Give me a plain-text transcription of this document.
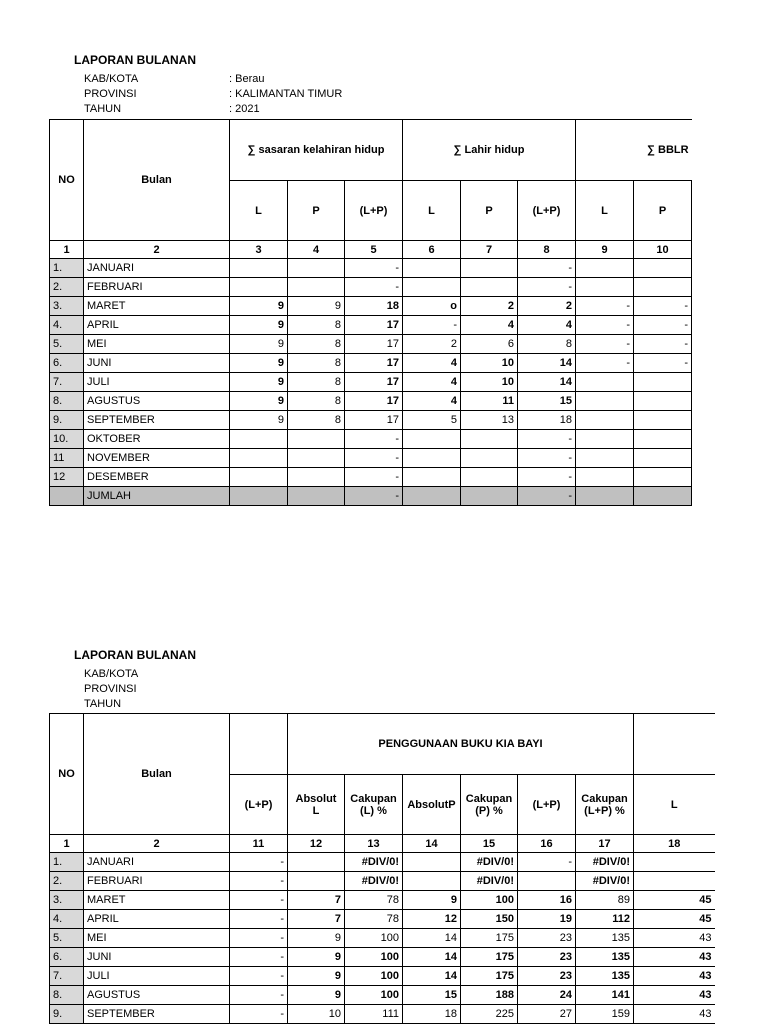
LAPORAN BULANAN
KAB/KOTA	: Berau
PROVINSI	: KALIMANTAN TIMUR
TAHUN	: 2021
NO	Bulan	∑ sasaran kelahiran hidup			∑ Lahir hidup			∑ BBLR	
		L	P	(L+P)	L	P	(L+P)	L	P
1	2	3	4	5	6	7	8	9	10
1.	JANUARI			-			-		
2.	FEBRUARI			-			-		
3.	MARET	9	9	18	o	2	2	-	-
4.	APRIL	9	8	17	-	4	4	-	-
5.	MEI	9	8	17	2	6	8	-	-
6.	JUNI	9	8	17	4	10	14	-	-
7.	JULI	9	8	17	4	10	14		
8.	AGUSTUS	9	8	17	4	11	15		
9.	SEPTEMBER	9	8	17	5	13	18		
10.	OKTOBER			-			-		
11	NOVEMBER			-			-		
12	DESEMBER			-			-		
	JUMLAH			-			-		
LAPORAN BULANAN
KAB/KOTA
PROVINSI
TAHUN
NO	Bulan		PENGGUNAAN BUKU KIA BAYI						
		(L+P)	Absolut L	Cakupan (L) %	AbsolutP	Cakupan (P) %	(L+P)	Cakupan (L+P) %	L
1	2	11	12	13	14	15	16	17	18
1.	JANUARI	-		#DIV/0!		#DIV/0!	-	#DIV/0!	
2.	FEBRUARI	-		#DIV/0!		#DIV/0!		#DIV/0!	
3.	MARET	-	7	78	9	100	16	89	45
4.	APRIL	-	7	78	12	150	19	112	45
5.	MEI	-	9	100	14	175	23	135	43
6.	JUNI	-	9	100	14	175	23	135	43
7.	JULI	-	9	100	14	175	23	135	43
8.	AGUSTUS	-	9	100	15	188	24	141	43
9.	SEPTEMBER	-	10	111	18	225	27	159	43
